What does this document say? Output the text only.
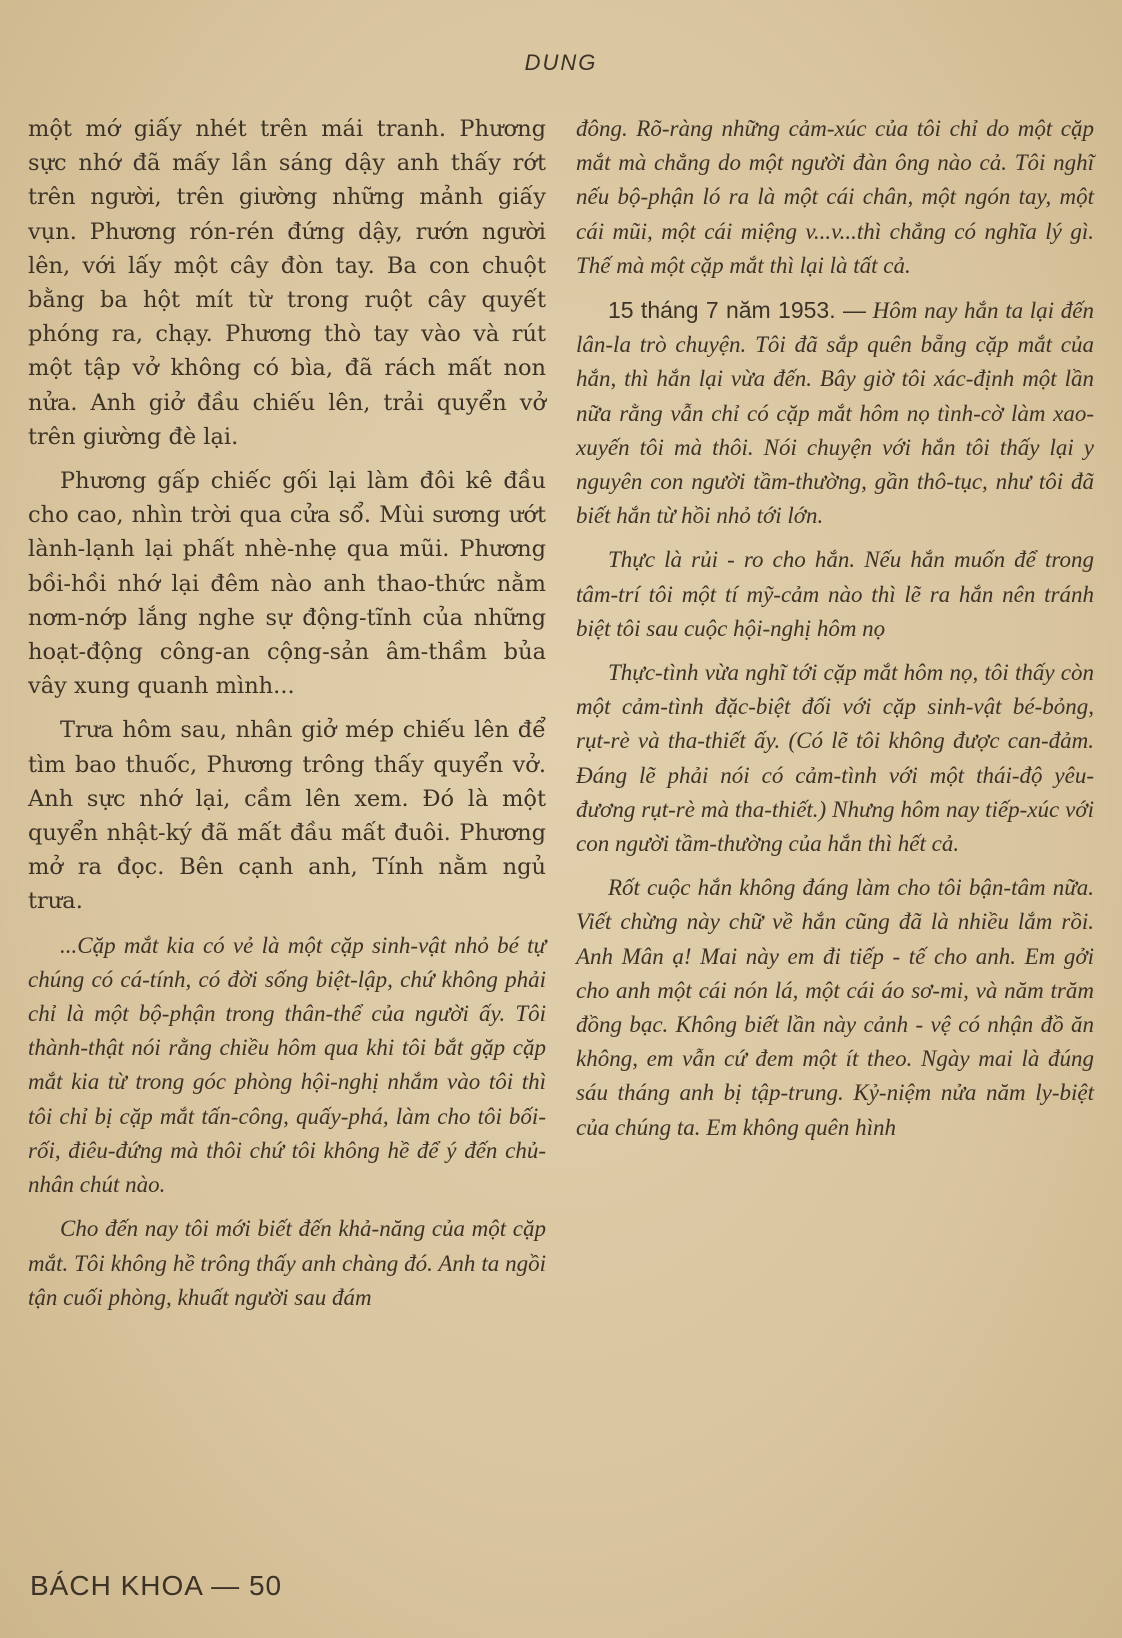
DUNG

một mớ giấy nhét trên mái tranh. Phương sực nhớ đã mấy lần sáng dậy anh thấy rớt trên người, trên giường những mảnh giấy vụn. Phương rón-rén đứng dậy, rướn người lên, với lấy một cây đòn tay. Ba con chuột bằng ba hột mít từ trong ruột cây quyết phóng ra, chạy. Phương thò tay vào và rút một tập vở không có bìa, đã rách mất non nửa. Anh giở đầu chiếu lên, trải quyển vở trên giường đè lại.

Phương gấp chiếc gối lại làm đôi kê đầu cho cao, nhìn trời qua cửa sổ. Mùi sương ướt lành-lạnh lại phất nhè-nhẹ qua mũi. Phương bồi-hồi nhớ lại đêm nào anh thao-thức nằm nơm-nớp lắng nghe sự động-tĩnh của những hoạt-động công-an cộng-sản âm-thầm bủa vây xung quanh mình...

Trưa hôm sau, nhân giở mép chiếu lên để tìm bao thuốc, Phương trông thấy quyển vở. Anh sực nhớ lại, cầm lên xem. Đó là một quyển nhật-ký đã mất đầu mất đuôi. Phương mở ra đọc. Bên cạnh anh, Tính nằm ngủ trưa.

...Cặp mắt kia có vẻ là một cặp sinh-vật nhỏ bé tự chúng có cá-tính, có đời sống biệt-lập, chứ không phải chỉ là một bộ-phận trong thân-thể của người ấy. Tôi thành-thật nói rằng chiều hôm qua khi tôi bắt gặp cặp mắt kia từ trong góc phòng hội-nghị nhắm vào tôi thì tôi chỉ bị cặp mắt tấn-công, quấy-phá, làm cho tôi bối-rối, điêu-đứng mà thôi chứ tôi không hề để ý đến chủ-nhân chút nào.

Cho đến nay tôi mới biết đến khả-năng của một cặp mắt. Tôi không hề trông thấy anh chàng đó. Anh ta ngồi tận cuối phòng, khuất người sau đám

đông. Rõ-ràng những cảm-xúc của tôi chỉ do một cặp mắt mà chẳng do một người đàn ông nào cả. Tôi nghĩ nếu bộ-phận ló ra là một cái chân, một ngón tay, một cái mũi, một cái miệng v...v...thì chẳng có nghĩa lý gì. Thế mà một cặp mắt thì lại là tất cả.

15 tháng 7 năm 1953. — Hôm nay hắn ta lại đến lân-la trò chuyện. Tôi đã sắp quên bẵng cặp mắt của hắn, thì hắn lại vừa đến. Bây giờ tôi xác-định một lần nữa rằng vẫn chỉ có cặp mắt hôm nọ tình-cờ làm xao-xuyến tôi mà thôi. Nói chuyện với hắn tôi thấy lại y nguyên con người tầm-thường, gần thô-tục, như tôi đã biết hắn từ hồi nhỏ tới lớn.

Thực là rủi - ro cho hắn. Nếu hắn muốn để trong tâm-trí tôi một tí mỹ-cảm nào thì lẽ ra hắn nên tránh biệt tôi sau cuộc hội-nghị hôm nọ

Thực-tình vừa nghĩ tới cặp mắt hôm nọ, tôi thấy còn một cảm-tình đặc-biệt đối với cặp sinh-vật bé-bỏng, rụt-rè và tha-thiết ấy. (Có lẽ tôi không được can-đảm. Đáng lẽ phải nói có cảm-tình với một thái-độ yêu-đương rụt-rè mà tha-thiết.) Nhưng hôm nay tiếp-xúc với con người tầm-thường của hắn thì hết cả.

Rốt cuộc hắn không đáng làm cho tôi bận-tâm nữa. Viết chừng này chữ về hắn cũng đã là nhiều lắm rồi. Anh Mân ạ! Mai này em đi tiếp - tế cho anh. Em gởi cho anh một cái nón lá, một cái áo sơ-mi, và năm trăm đồng bạc. Không biết lần này cảnh - vệ có nhận đồ ăn không, em vẫn cứ đem một ít theo. Ngày mai là đúng sáu tháng anh bị tập-trung. Kỷ-niệm nửa năm ly-biệt của chúng ta. Em không quên hình

BÁCH KHOA — 50
